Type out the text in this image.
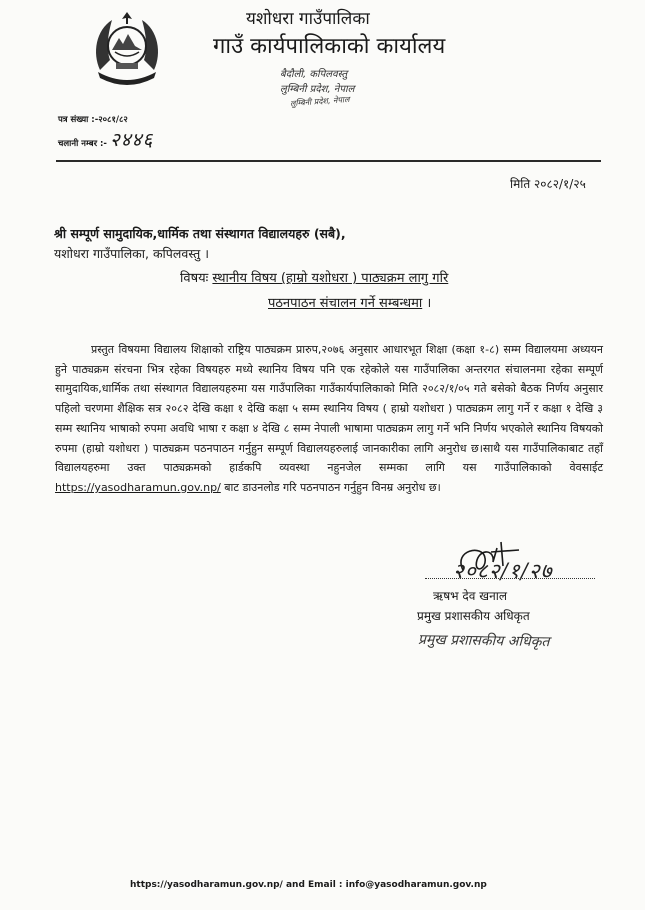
यशोधरा गाउँपालिका
गाउँ कार्यपालिकाको कार्यालय
बैदौली, कपिलवस्तु
लुम्बिनी प्रदेश, नेपाल
लुम्बिनी प्रदेश, नेपाल
पत्र संख्या :-२०८१/८२
चलानी नम्बर :- २४४६
मिति २०८२/१/२५
श्री सम्पूर्ण सामुदायिक,धार्मिक तथा संस्थागत विद्यालयहरु (सबै),
यशोधरा गाउँपालिका, कपिलवस्तु ।
विषयः स्थानीय विषय (हाम्रो यशोधरा ) पाठ्यक्रम लागु गरि
पठनपाठन संचालन गर्ने सम्बन्धमा ।
प्रस्तुत विषयमा विद्यालय शिक्षाको राष्ट्रिय पाठ्यक्रम प्रारुप,२०७६ अनुसार आधारभूत शिक्षा (कक्षा १-८) सम्म विद्यालयमा अध्ययन हुने पाठ्यक्रम संरचना भित्र रहेका विषयहरु मध्ये स्थानिय विषय पनि एक रहेकोले यस गाउँपालिका अन्तरगत संचालनमा रहेका सम्पूर्ण सामुदायिक,धार्मिक तथा संस्थागत विद्यालयहरुमा यस गाउँपालिका गाउँकार्यपालिकाको मिति २०८२/१/०५ गते बसेको बैठक निर्णय अनुसार पहिलो चरणमा शैक्षिक सत्र २०८२ देखि कक्षा १ देखि कक्षा ५ सम्म स्थानिय विषय ( हाम्रो यशोधरा ) पाठ्यक्रम लागु गर्ने र कक्षा १ देखि ३ सम्म स्थानिय भाषाको रुपमा अवधि भाषा र कक्षा ४ देखि ८ सम्म नेपाली भाषामा पाठ्यक्रम लागु गर्ने भनि निर्णय भएकोले स्थानिय विषयको रुपमा (हाम्रो यशोधरा ) पाठ्यक्रम पठनपाठन गर्नुहुन सम्पूर्ण विद्यालयहरुलाई जानकारीका लागि अनुरोध छ।साथै यस गाउँपालिकाबाट तहाँ विद्यालयहरुमा उक्त पाठ्यक्रमको हार्डकपि व्यवस्था नहुनजेल सम्मका लागि यस गाउँपालिकाको वेवसाईट https://yasodharamun.gov.np/ बाट डाउनलोड गरि पठनपाठन गर्नुहुन विनम्र अनुरोध छ।
२०८२/१/२७
ऋषभ देव खनाल
प्रमुख प्रशासकीय अधिकृत
प्रमुख प्रशासकीय अधिकृत
https://yasodharamun.gov.np/ and Email : info@yasodharamun.gov.np
